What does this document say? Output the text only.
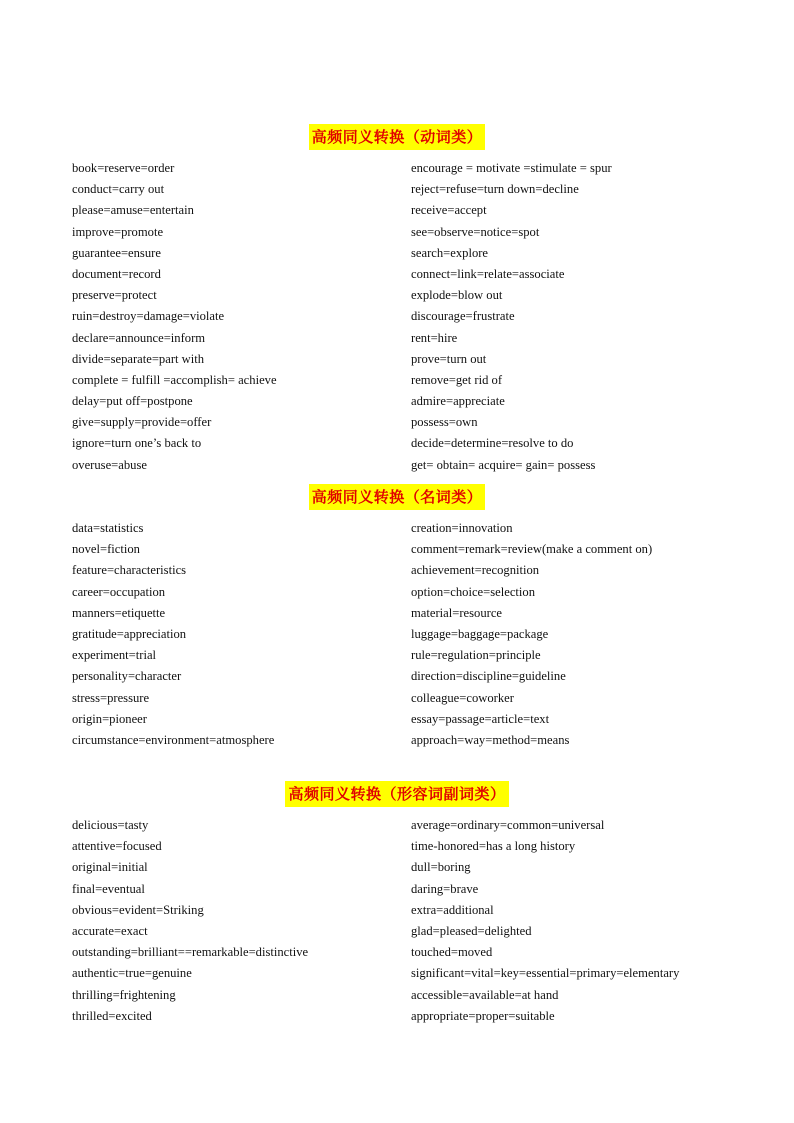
高频同义转换（动词类）
book=reserve=order	encourage = motivate =stimulate = spur
conduct=carry out	reject=refuse=turn down=decline
please=amuse=entertain	receive=accept
improve=promote	see=observe=notice=spot
guarantee=ensure	search=explore
document=record	connect=link=relate=associate
preserve=protect	explode=blow out
ruin=destroy=damage=violate	discourage=frustrate
declare=announce=inform	rent=hire
divide=separate=part with	prove=turn out
complete = fulfill =accomplish= achieve	remove=get rid of
delay=put off=postpone	admire=appreciate
give=supply=provide=offer	possess=own
ignore=turn one’s back to	decide=determine=resolve to do
overuse=abuse	get= obtain= acquire= gain= possess
高频同义转换（名词类）
data=statistics	creation=innovation
novel=fiction	comment=remark=review(make a comment on)
feature=characteristics	achievement=recognition
career=occupation	option=choice=selection
manners=etiquette	material=resource
gratitude=appreciation	luggage=baggage=package
experiment=trial	rule=regulation=principle
personality=character	direction=discipline=guideline
stress=pressure	colleague=coworker
origin=pioneer	essay=passage=article=text
circumstance=environment=atmosphere	approach=way=method=means
高频同义转换（形容词副词类）
delicious=tasty	average=ordinary=common=universal
attentive=focused	time-honored=has a long history
original=initial	dull=boring
final=eventual	daring=brave
obvious=evident=Striking	extra=additional
accurate=exact	glad=pleased=delighted
outstanding=brilliant==remarkable=distinctive	touched=moved
authentic=true=genuine	significant=vital=key=essential=primary=elementary
thrilling=frightening	accessible=available=at hand
thrilled=excited	appropriate=proper=suitable
